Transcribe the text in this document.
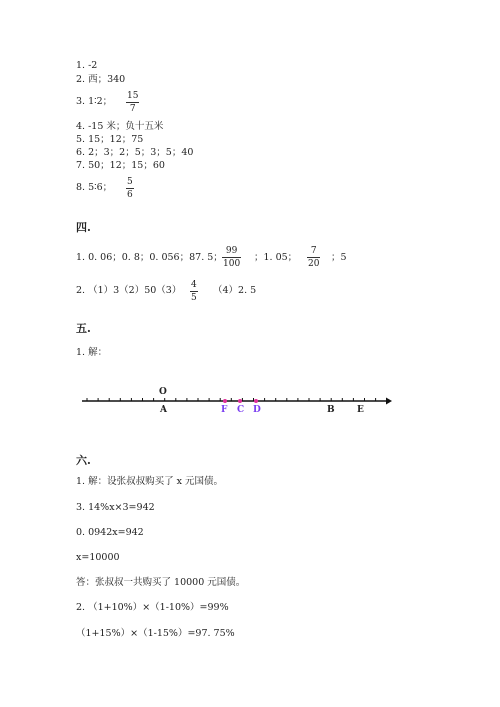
1. -2
2. 西；340
3. 1∶2； 15
7
4. -15 米；负十五米
5. 15；12；75
6. 2；3；2；5；3；5；40
7. 50；12；15；60
8. 5∶6； 5
6
四.
1. 0. 06；0. 8；0. 056；87. 5；
99
100
；1. 05；
7
20
；5
2. （1）3（2）50（3） 4
5
（4）2. 5
五.
1. 解：
O
A	F C D	B E
六.
1. 解：设张叔叔购买了 x 元国债。
3. 14%x×3=942
0. 0942x=942
x=10000
答：张叔叔一共购买了 10000 元国债。
2. （1+10%）×（1-10%）=99%
（1+15%）×（1-15%）=97. 75%
